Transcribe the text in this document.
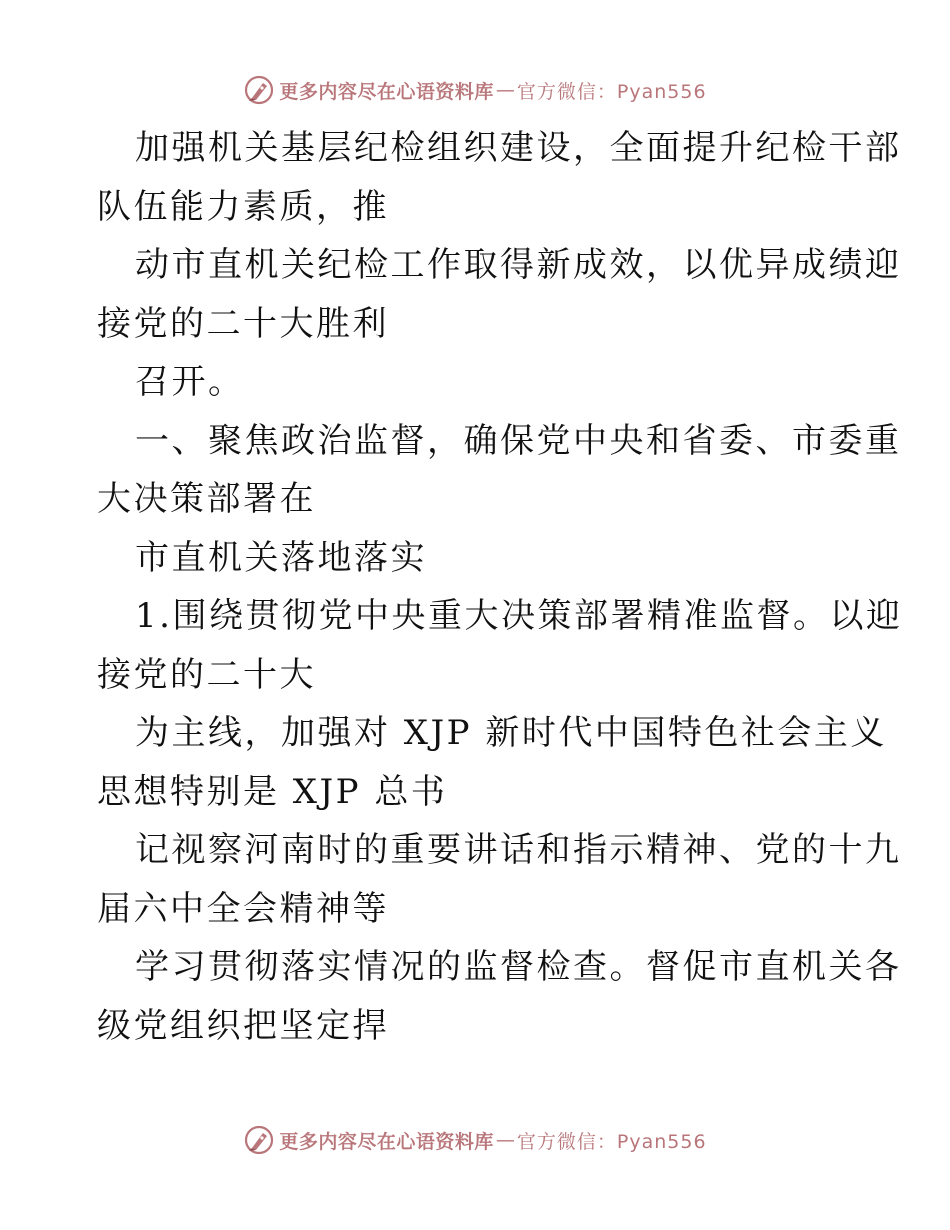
更多内容尽在心语资料库 — 官方微信：Pyan556
加强机关基层纪检组织建设，全面提升纪检干部
队伍能力素质，推
动市直机关纪检工作取得新成效，以优异成绩迎
接党的二十大胜利
召开。
一、聚焦政治监督，确保党中央和省委、市委重
大决策部署在
市直机关落地落实
1.围绕贯彻党中央重大决策部署精准监督。以迎
接党的二十大
为主线，加强对 XJP 新时代中国特色社会主义
思想特别是 XJP 总书
记视察河南时的重要讲话和指示精神、党的十九
届六中全会精神等
学习贯彻落实情况的监督检查。督促市直机关各
级党组织把坚定捍
更多内容尽在心语资料库 — 官方微信：Pyan556
